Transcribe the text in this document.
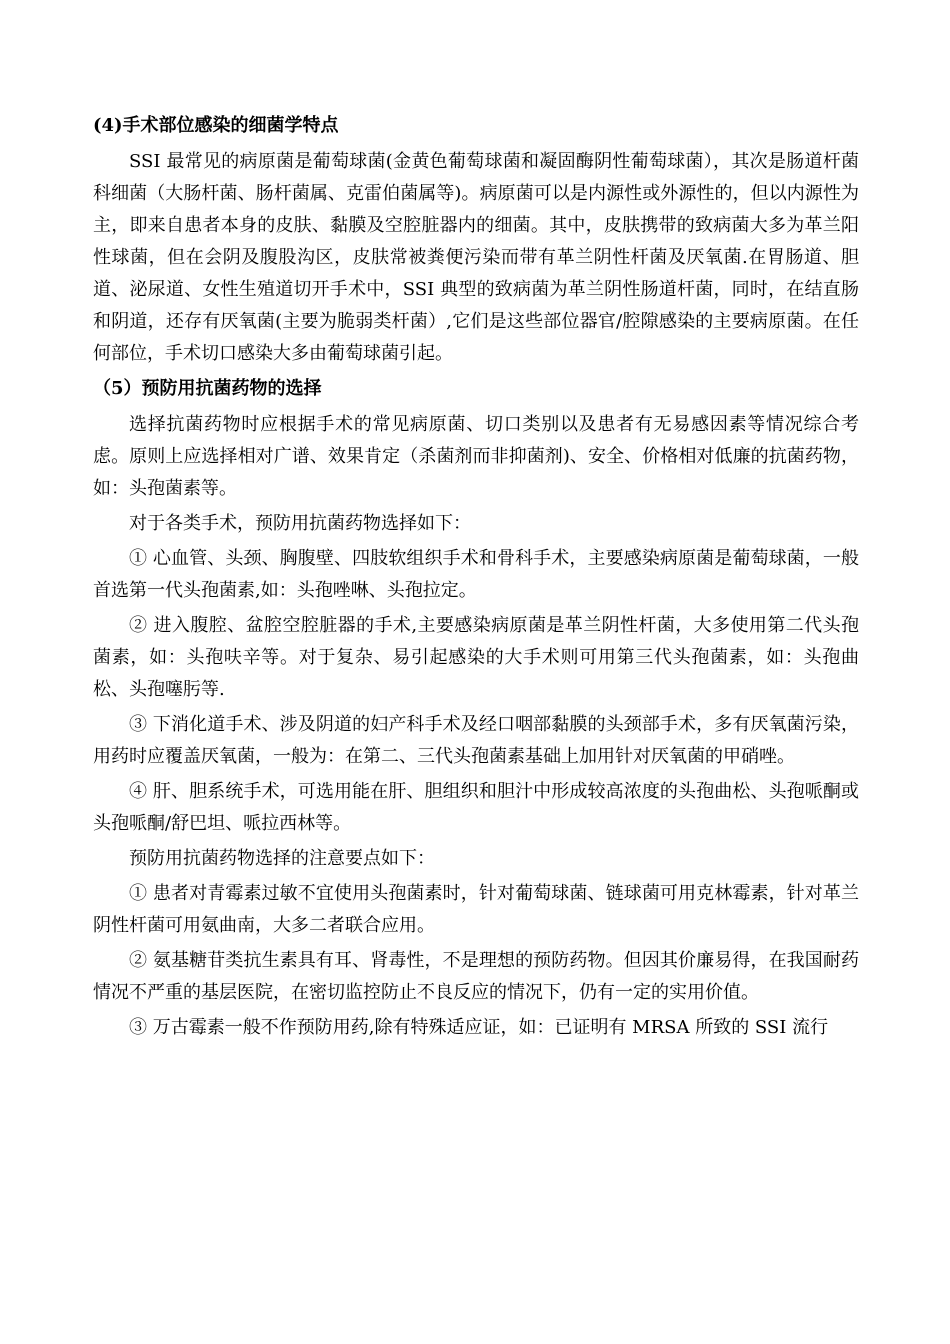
(4)手术部位感染的细菌学特点

SSI 最常见的病原菌是葡萄球菌(金黄色葡萄球菌和凝固酶阴性葡萄球菌），其次是肠道杆菌科细菌（大肠杆菌、肠杆菌属、克雷伯菌属等)。病原菌可以是内源性或外源性的，但以内源性为主，即来自患者本身的皮肤、黏膜及空腔脏器内的细菌。其中，皮肤携带的致病菌大多为革兰阳性球菌，但在会阴及腹股沟区，皮肤常被粪便污染而带有革兰阴性杆菌及厌氧菌.在胃肠道、胆道、泌尿道、女性生殖道切开手术中，SSI 典型的致病菌为革兰阴性肠道杆菌，同时，在结直肠和阴道，还存有厌氧菌(主要为脆弱类杆菌）,它们是这些部位器官/腔隙感染的主要病原菌。在任何部位，手术切口感染大多由葡萄球菌引起。

（5）预防用抗菌药物的选择

选择抗菌药物时应根据手术的常见病原菌、切口类别以及患者有无易感因素等情况综合考虑。原则上应选择相对广谱、效果肯定（杀菌剂而非抑菌剂)、安全、价格相对低廉的抗菌药物，如：头孢菌素等。

对于各类手术，预防用抗菌药物选择如下：

① 心血管、头颈、胸腹壁、四肢软组织手术和骨科手术，主要感染病原菌是葡萄球菌，一般首选第一代头孢菌素,如：头孢唑啉、头孢拉定。

② 进入腹腔、盆腔空腔脏器的手术,主要感染病原菌是革兰阴性杆菌，大多使用第二代头孢菌素，如：头孢呋辛等。对于复杂、易引起感染的大手术则可用第三代头孢菌素，如：头孢曲松、头孢噻肟等.

③ 下消化道手术、涉及阴道的妇产科手术及经口咽部黏膜的头颈部手术，多有厌氧菌污染，用药时应覆盖厌氧菌，一般为：在第二、三代头孢菌素基础上加用针对厌氧菌的甲硝唑。

④ 肝、胆系统手术，可选用能在肝、胆组织和胆汁中形成较高浓度的头孢曲松、头孢哌酮或头孢哌酮/舒巴坦、哌拉西林等。

预防用抗菌药物选择的注意要点如下：

① 患者对青霉素过敏不宜使用头孢菌素时，针对葡萄球菌、链球菌可用克林霉素，针对革兰阴性杆菌可用氨曲南，大多二者联合应用。

② 氨基糖苷类抗生素具有耳、肾毒性，不是理想的预防药物。但因其价廉易得，在我国耐药情况不严重的基层医院，在密切监控防止不良反应的情况下，仍有一定的实用价值。

③ 万古霉素一般不作预防用药,除有特殊适应证，如：已证明有 MRSA 所致的 SSI 流行
